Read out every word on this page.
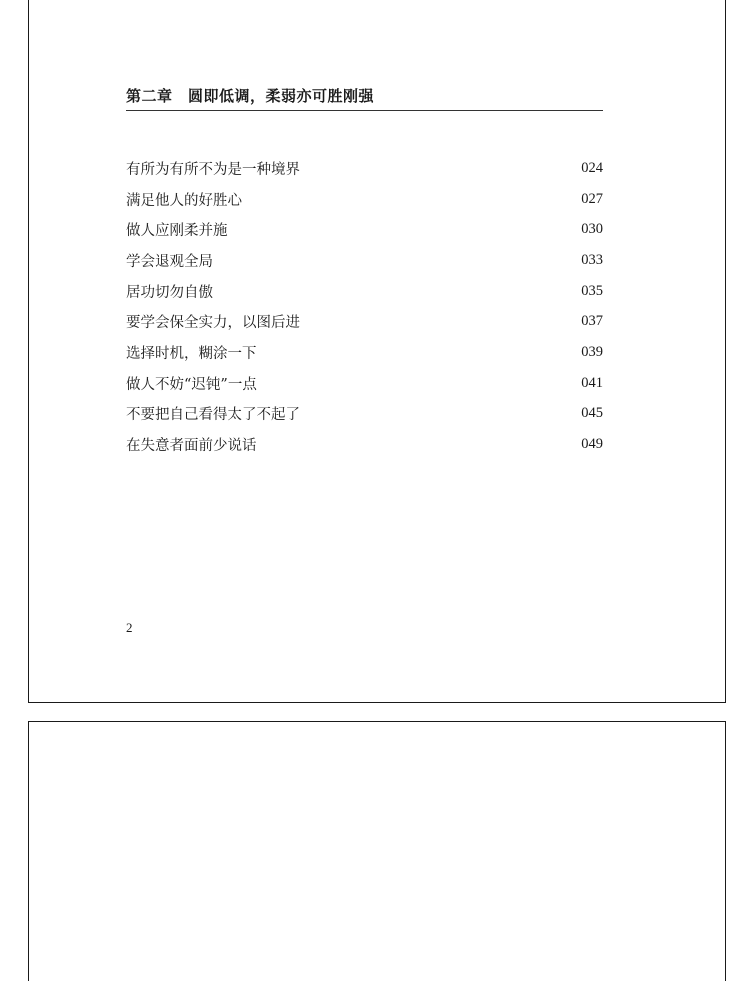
第二章　圆即低调，柔弱亦可胜刚强
有所为有所不为是一种境界	024
满足他人的好胜心	027
做人应刚柔并施	030
学会退观全局	033
居功切勿自傲	035
要学会保全实力，以图后进	037
选择时机，糊涂一下	039
做人不妨“迟钝”一点	041
不要把自己看得太了不起了	045
在失意者面前少说话	049
2
